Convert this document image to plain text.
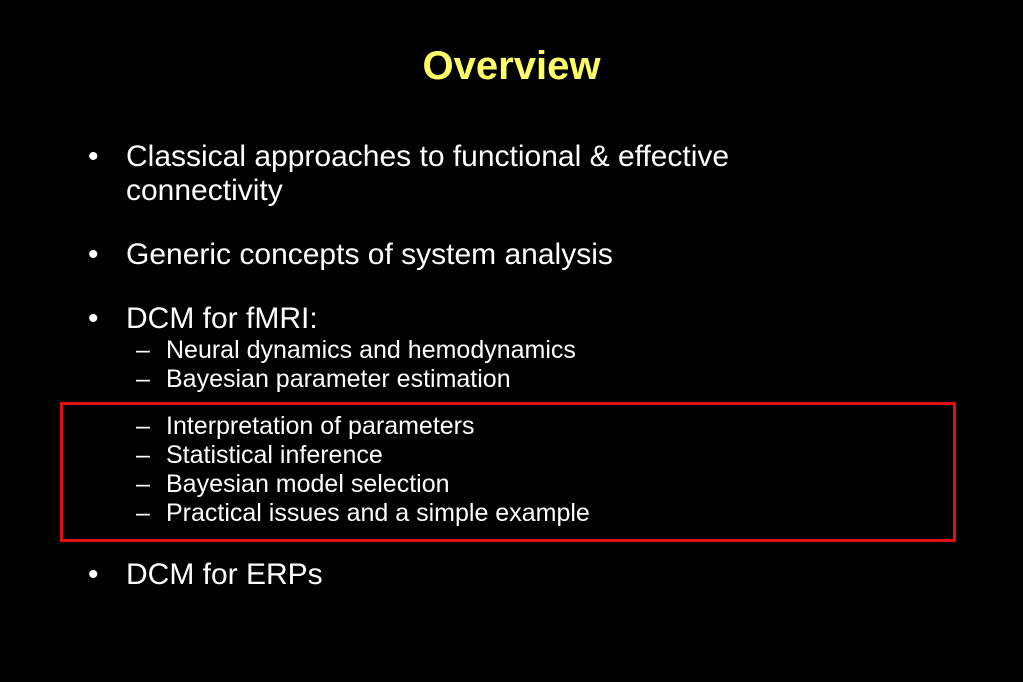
Overview
• Classical approaches to functional & effective
connectivity
• Generic concepts of system analysis
• DCM for fMRI:
– Neural dynamics and hemodynamics
– Bayesian parameter estimation
– Interpretation of parameters
– Statistical inference
– Bayesian model selection
– Practical issues and a simple example
• DCM for ERPs
